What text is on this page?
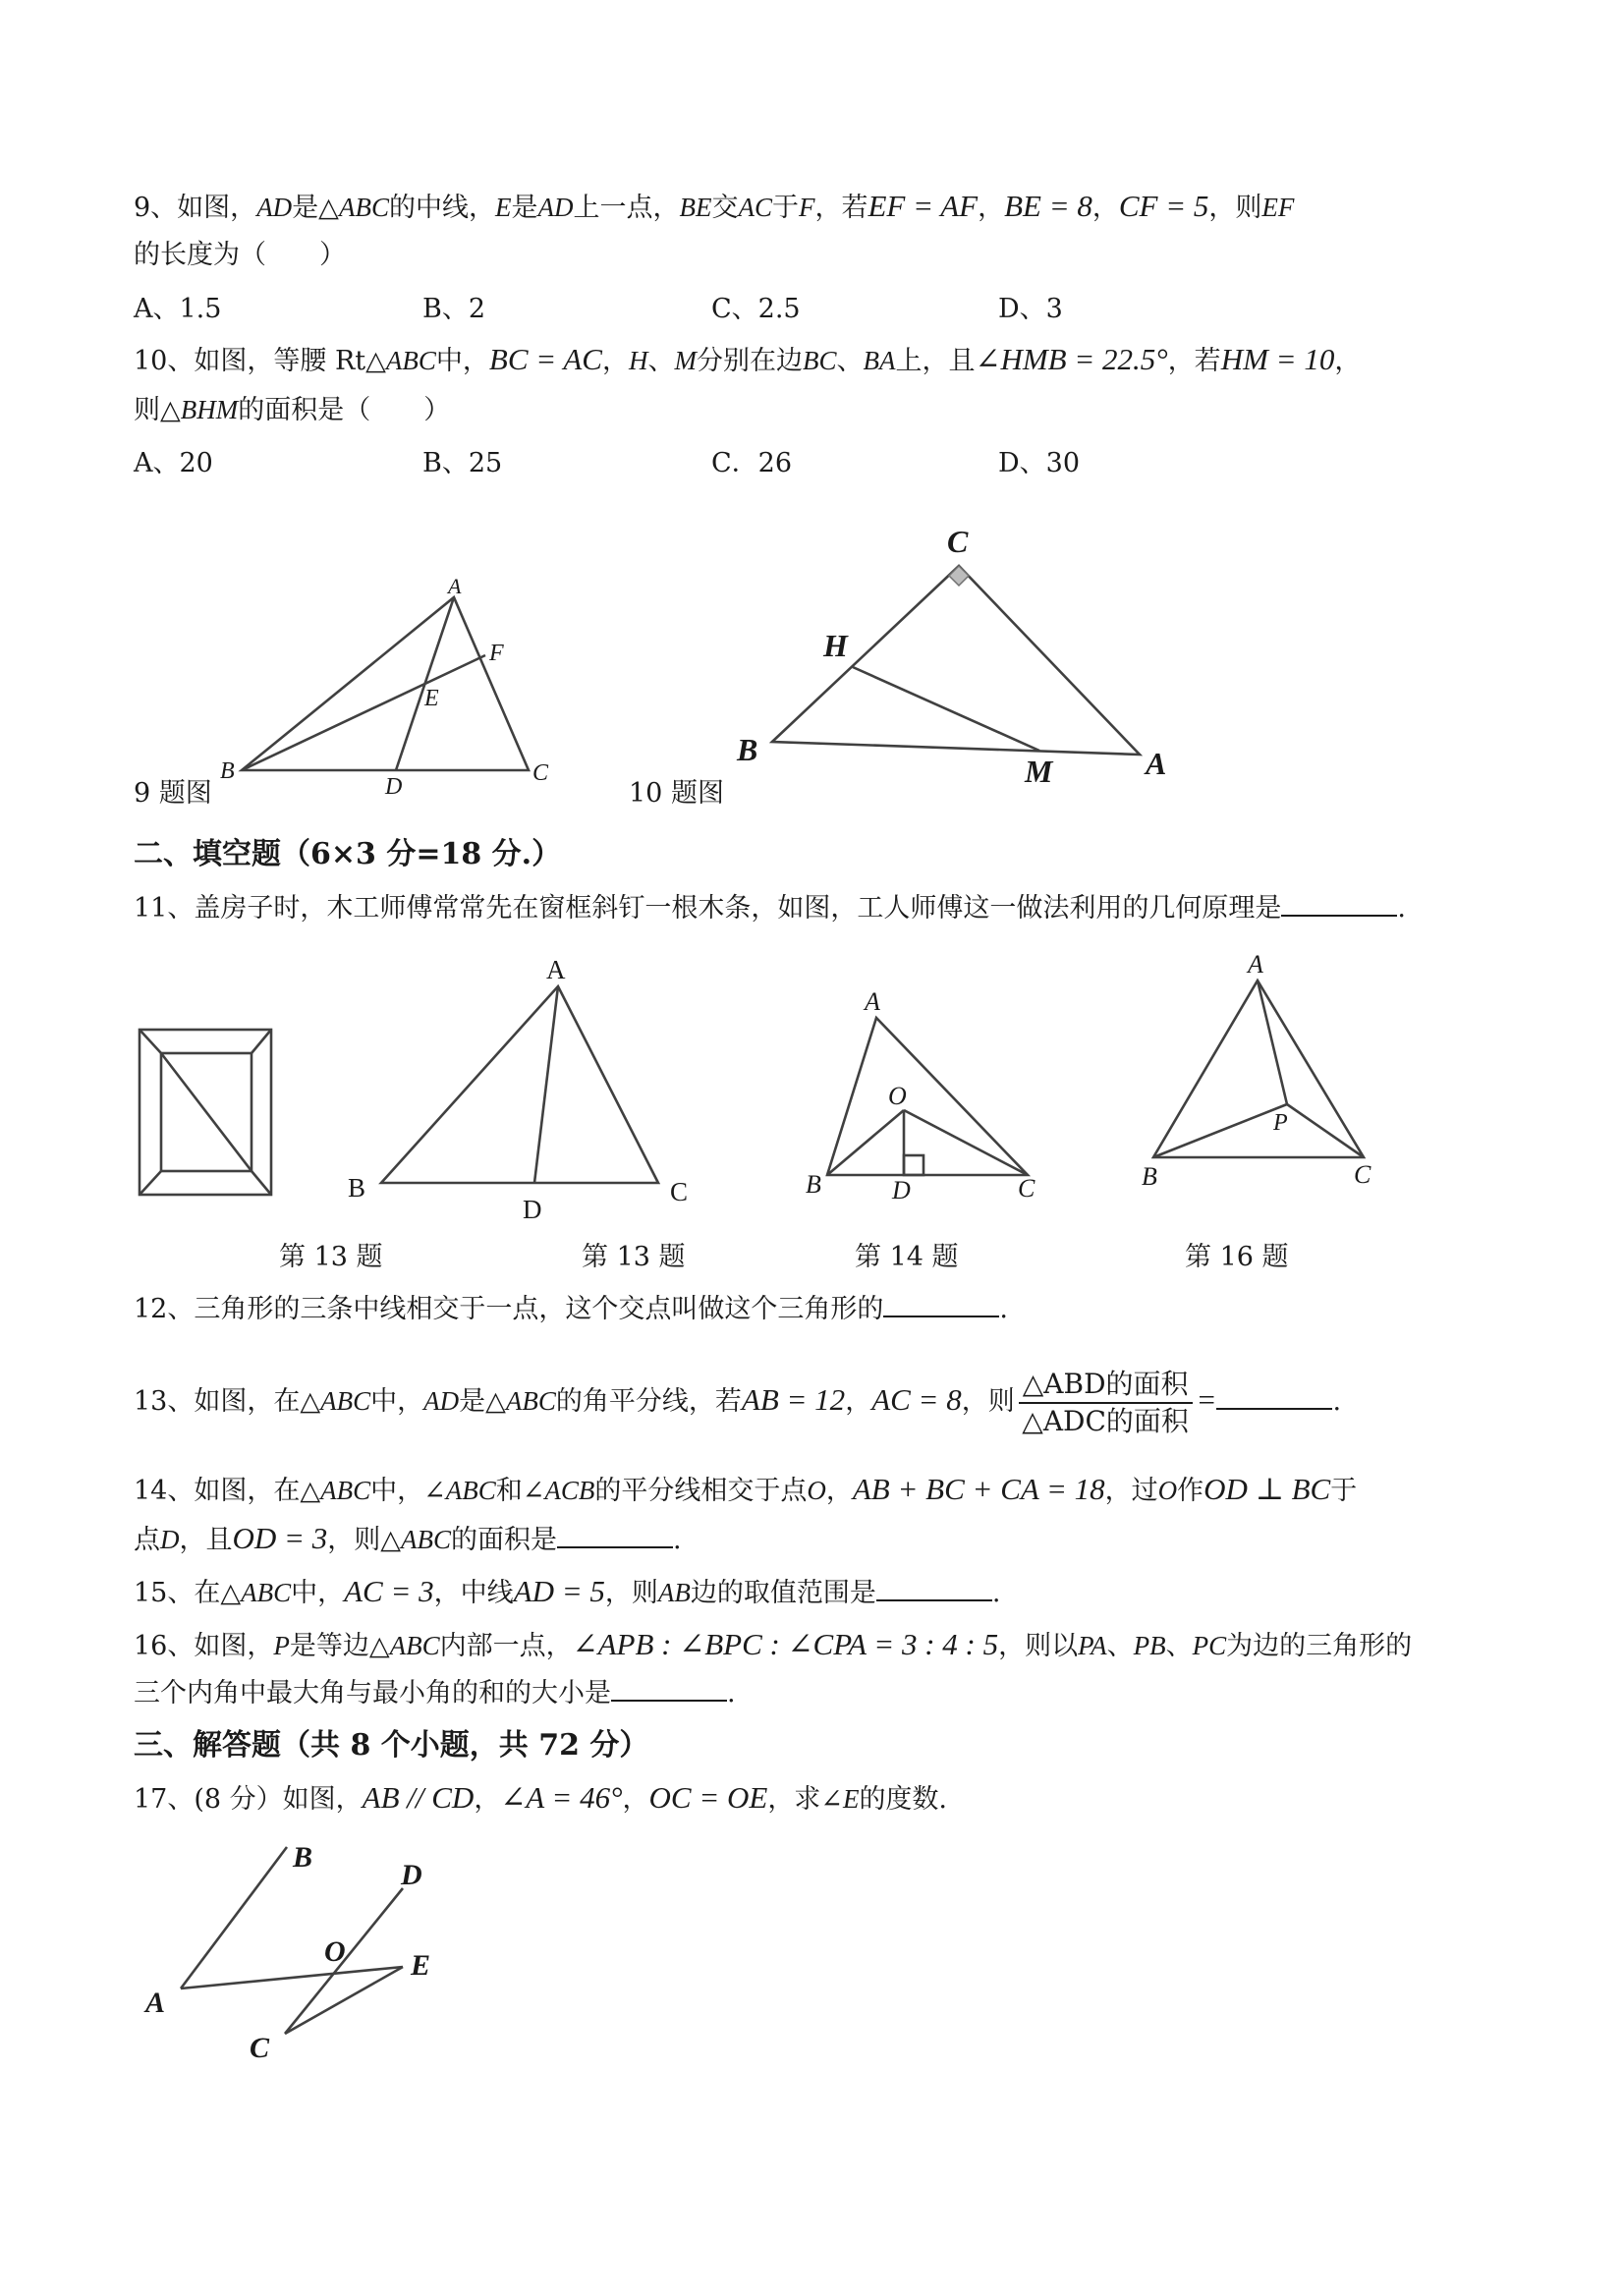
9、如图，AD是△ABC的中线，E是AD上一点，BE交AC于F，若EF = AF，BE = 8，CF = 5，则EF
的长度为（　　）
A、1.5	B、2	C、2.5	D、3
10、如图，等腰 Rt△ABC中，BC = AC，H、M分别在边BC、BA上，且∠HMB = 22.5°，若HM = 10，
则△BHM的面积是（　　）
A、20	B、25	C．26	D、30
A
B	C
D
E
F
C
H
B
M	A
A
B	C
D
A
O
B	D	C
A
P
B	C
B
D
O E
A
C
9 题图	10 题图
二、填空题（6×3 分=18 分.）
11、盖房子时，木工师傅常常先在窗框斜钉一根木条，如图，工人师傅这一做法利用的几何原理是	.
第 13 题	第 13 题	第 14 题	第 16 题
12、三角形的三条中线相交于一点，这个交点叫做这个三角形的	.
13、如图，在△ABC中，AD是△ABC的角平分线，若AB = 12，AC = 8，则 $\frac{\text{△ABD的面积}}{\text{△ADC的面积}}$ =	.
14、如图，在△ABC中，∠ABC和∠ACB的平分线相交于点O，AB + BC + CA = 18，过O作OD ⊥ BC于
点D，且OD = 3，则△ABC的面积是	.
15、在△ABC中，AC = 3，中线AD = 5，则AB边的取值范围是	.
16、如图，P是等边△ABC内部一点，∠APB : ∠BPC : ∠CPA = 3 : 4 : 5，则以PA、PB、PC为边的三角形的
三个内角中最大角与最小角的和的大小是	.
三、解答题（共 8 个小题，共 72 分）
17、(8 分）如图，AB // CD，∠A = 46°，OC = OE，求∠E的度数.
